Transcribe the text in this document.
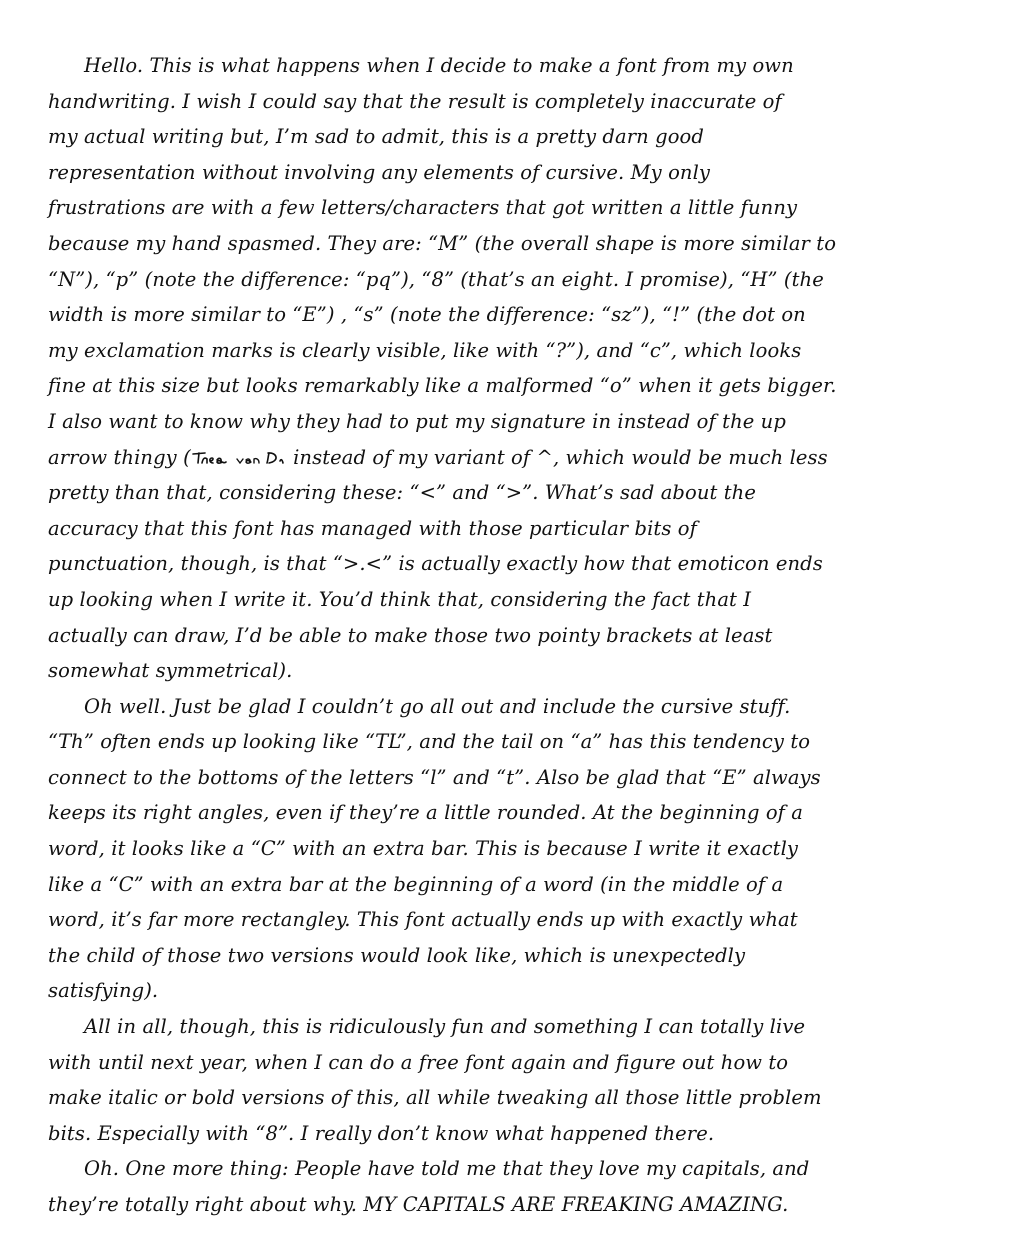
Hello. This is what happens when I decide to make a font from my own
handwriting. I wish I could say that the result is completely inaccurate of
my actual writing but, I’m sad to admit, this is a pretty darn good
representation without involving any elements of cursive. My only
frustrations are with a few letters/characters that got written a little funny
because my hand spasmed. They are: “M” (the overall shape is more similar to
“N”), “p” (note the difference: “pq”), “8” (that’s an eight. I promise), “H” (the
width is more similar to “E”) , “s” (note the difference: “sz”), “!” (the dot on
my exclamation marks is clearly visible, like with “?”), and “c”, which looks
fine at this size but looks remarkably like a malformed “o” when it gets bigger.
I also want to know why they had to put my signature in instead of the up
arrow thingy (	instead of my variant of ^, which would be much less
pretty than that, considering these: “<” and “>”. What’s sad about the
accuracy that this font has managed with those particular bits of
punctuation, though, is that “>.<” is actually exactly how that emoticon ends
up looking when I write it. You’d think that, considering the fact that I
actually can draw, I’d be able to make those two pointy brackets at least
somewhat symmetrical).
Oh well. Just be glad I couldn’t go all out and include the cursive stuff.
“Th” often ends up looking like “TL”, and the tail on “a” has this tendency to
connect to the bottoms of the letters “l” and “t”. Also be glad that “E” always
keeps its right angles, even if they’re a little rounded. At the beginning of a
word, it looks like a “C” with an extra bar. This is because I write it exactly
like a “C” with an extra bar at the beginning of a word (in the middle of a
word, it’s far more rectangley. This font actually ends up with exactly what
the child of those two versions would look like, which is unexpectedly
satisfying).
All in all, though, this is ridiculously fun and something I can totally live
with until next year, when I can do a free font again and figure out how to
make italic or bold versions of this, all while tweaking all those little problem
bits. Especially with “8”. I really don’t know what happened there.
Oh. One more thing: People have told me that they love my capitals, and
they’re totally right about why. MY CAPITALS ARE FREAKING AMAZING.
